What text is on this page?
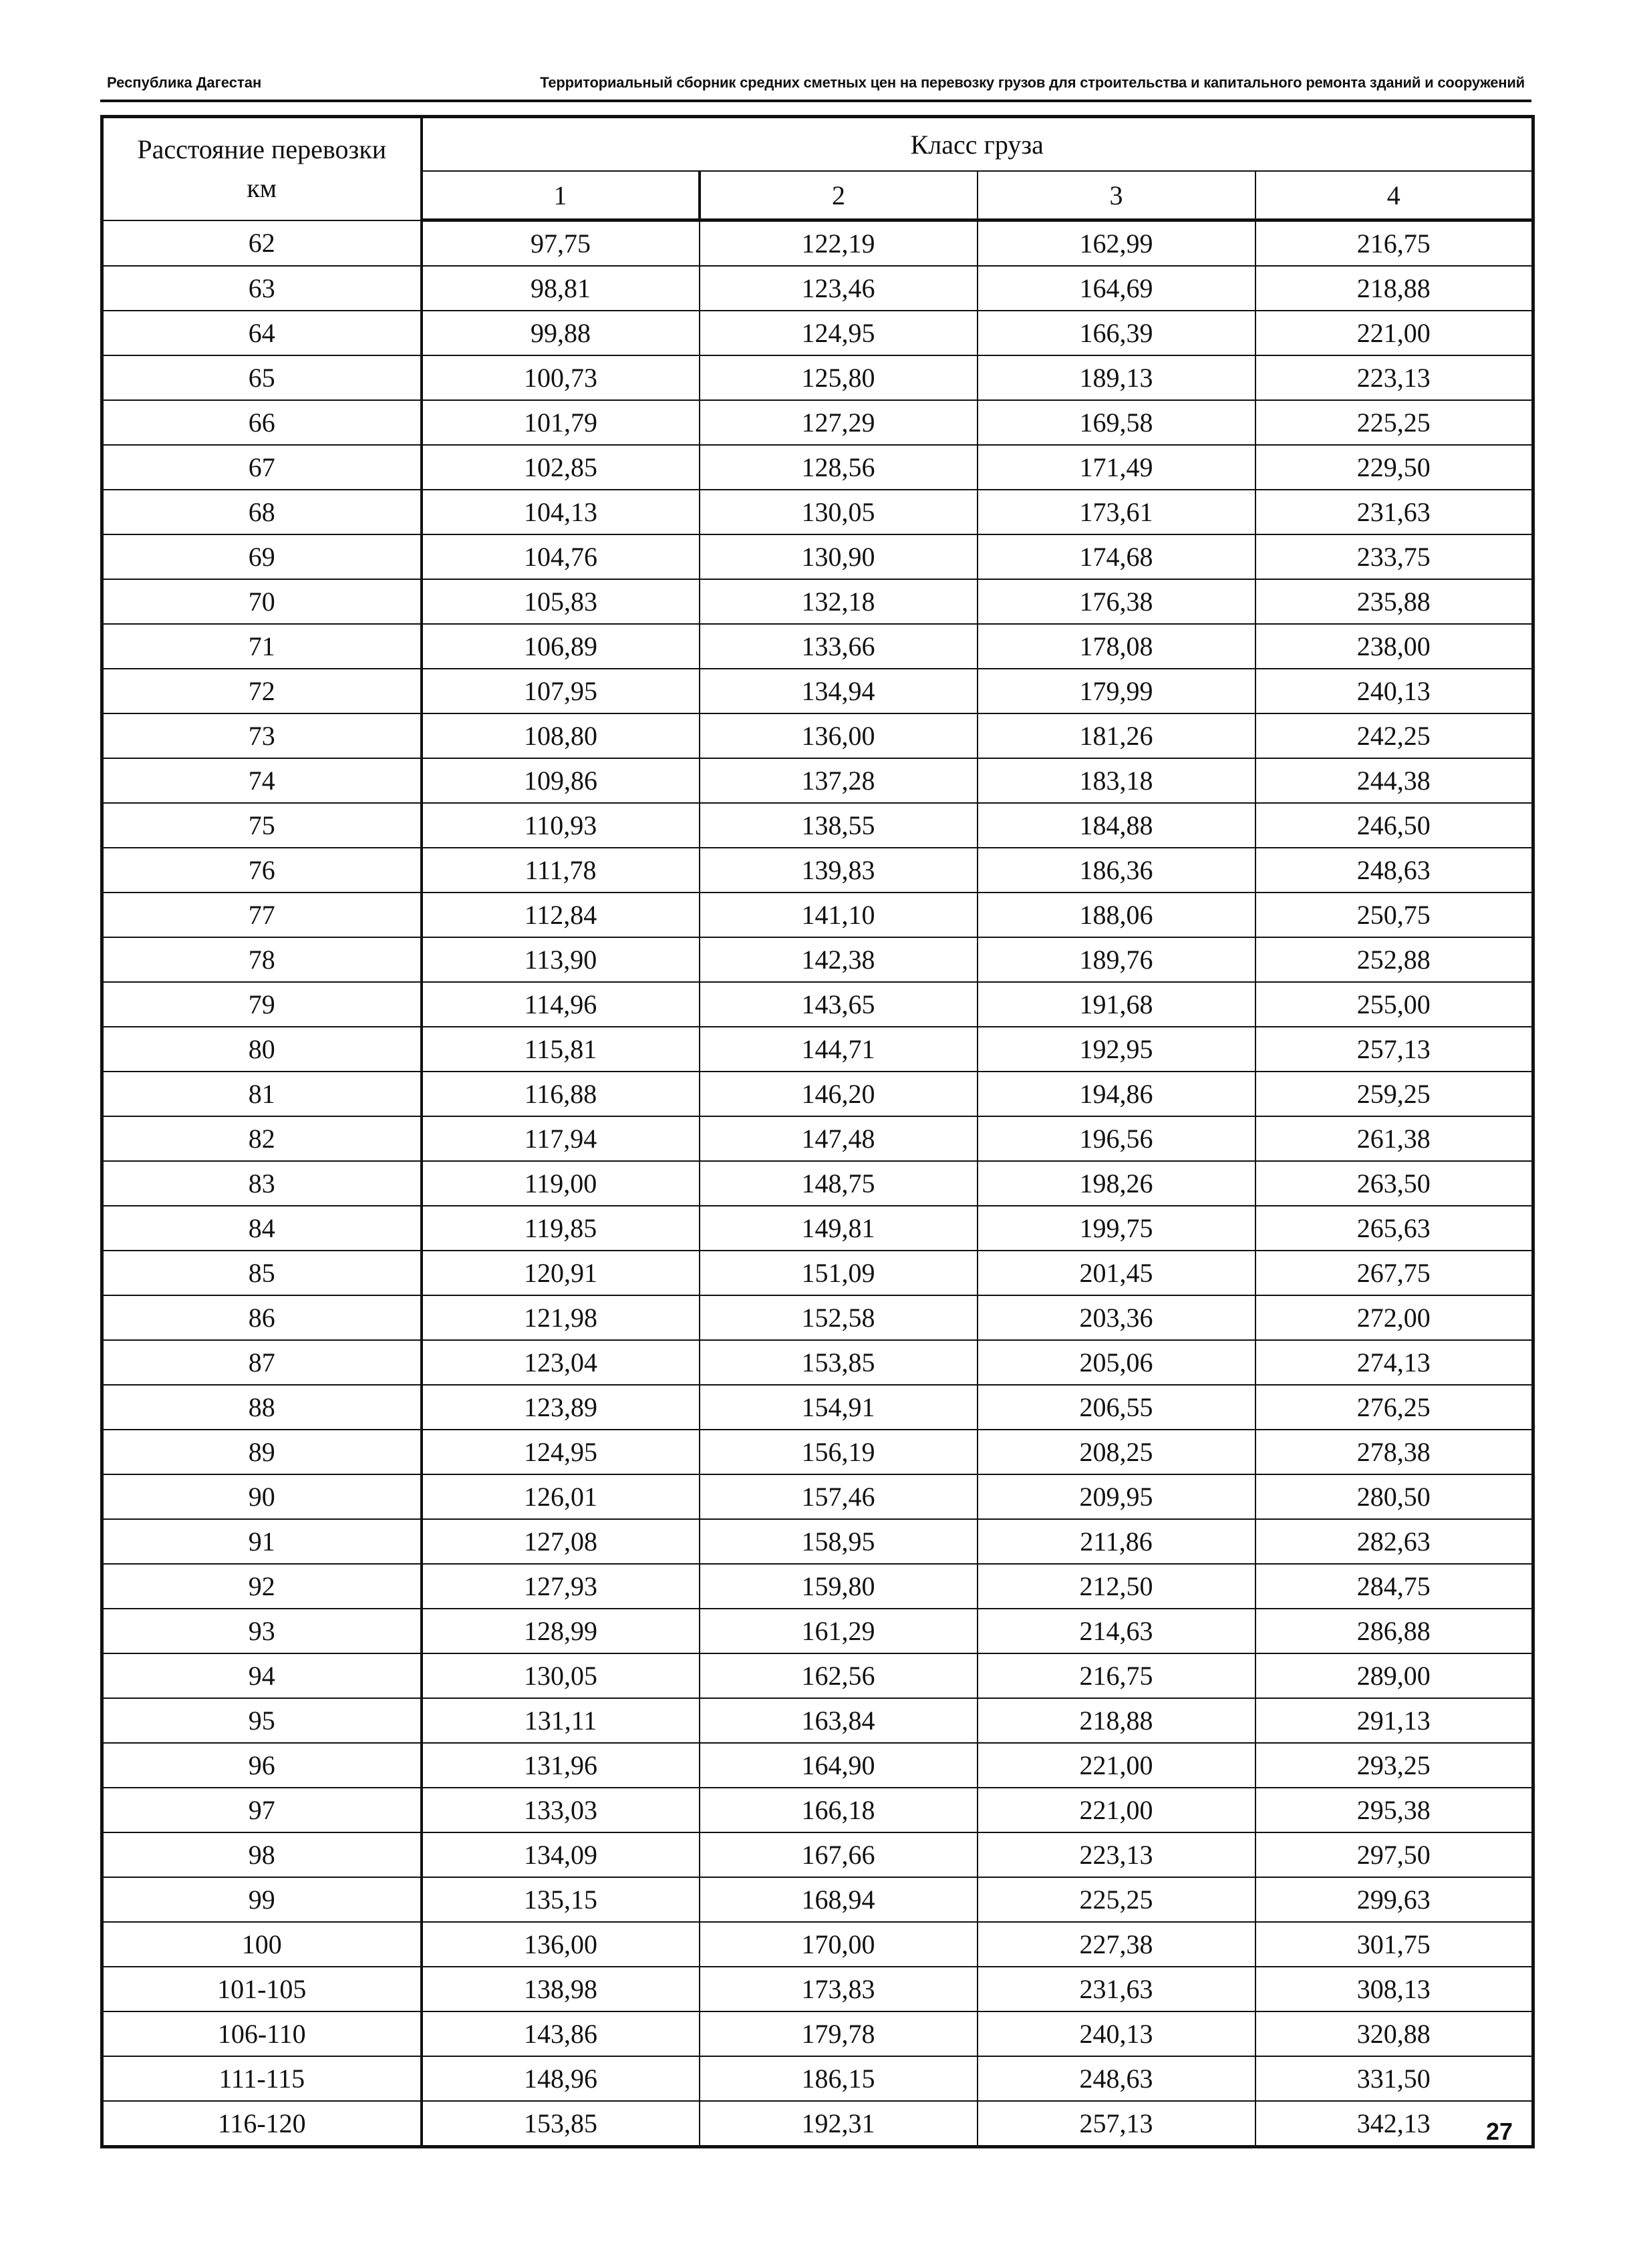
Республика Дагестан	Территориальный сборник средних сметных цен на перевозку грузов для строительства и капитального ремонта зданий и сооружений
Расстояние перевозки
км	Класс груза			
	1	2	3	4
62	97,75	122,19	162,99	216,75
63	98,81	123,46	164,69	218,88
64	99,88	124,95	166,39	221,00
65	100,73	125,80	189,13	223,13
66	101,79	127,29	169,58	225,25
67	102,85	128,56	171,49	229,50
68	104,13	130,05	173,61	231,63
69	104,76	130,90	174,68	233,75
70	105,83	132,18	176,38	235,88
71	106,89	133,66	178,08	238,00
72	107,95	134,94	179,99	240,13
73	108,80	136,00	181,26	242,25
74	109,86	137,28	183,18	244,38
75	110,93	138,55	184,88	246,50
76	111,78	139,83	186,36	248,63
77	112,84	141,10	188,06	250,75
78	113,90	142,38	189,76	252,88
79	114,96	143,65	191,68	255,00
80	115,81	144,71	192,95	257,13
81	116,88	146,20	194,86	259,25
82	117,94	147,48	196,56	261,38
83	119,00	148,75	198,26	263,50
84	119,85	149,81	199,75	265,63
85	120,91	151,09	201,45	267,75
86	121,98	152,58	203,36	272,00
87	123,04	153,85	205,06	274,13
88	123,89	154,91	206,55	276,25
89	124,95	156,19	208,25	278,38
90	126,01	157,46	209,95	280,50
91	127,08	158,95	211,86	282,63
92	127,93	159,80	212,50	284,75
93	128,99	161,29	214,63	286,88
94	130,05	162,56	216,75	289,00
95	131,11	163,84	218,88	291,13
96	131,96	164,90	221,00	293,25
97	133,03	166,18	221,00	295,38
98	134,09	167,66	223,13	297,50
99	135,15	168,94	225,25	299,63
100	136,00	170,00	227,38	301,75
101-105	138,98	173,83	231,63	308,13
106-110	143,86	179,78	240,13	320,88
111-115	148,96	186,15	248,63	331,50
116-120	153,85	192,31	257,13	342,13 27
